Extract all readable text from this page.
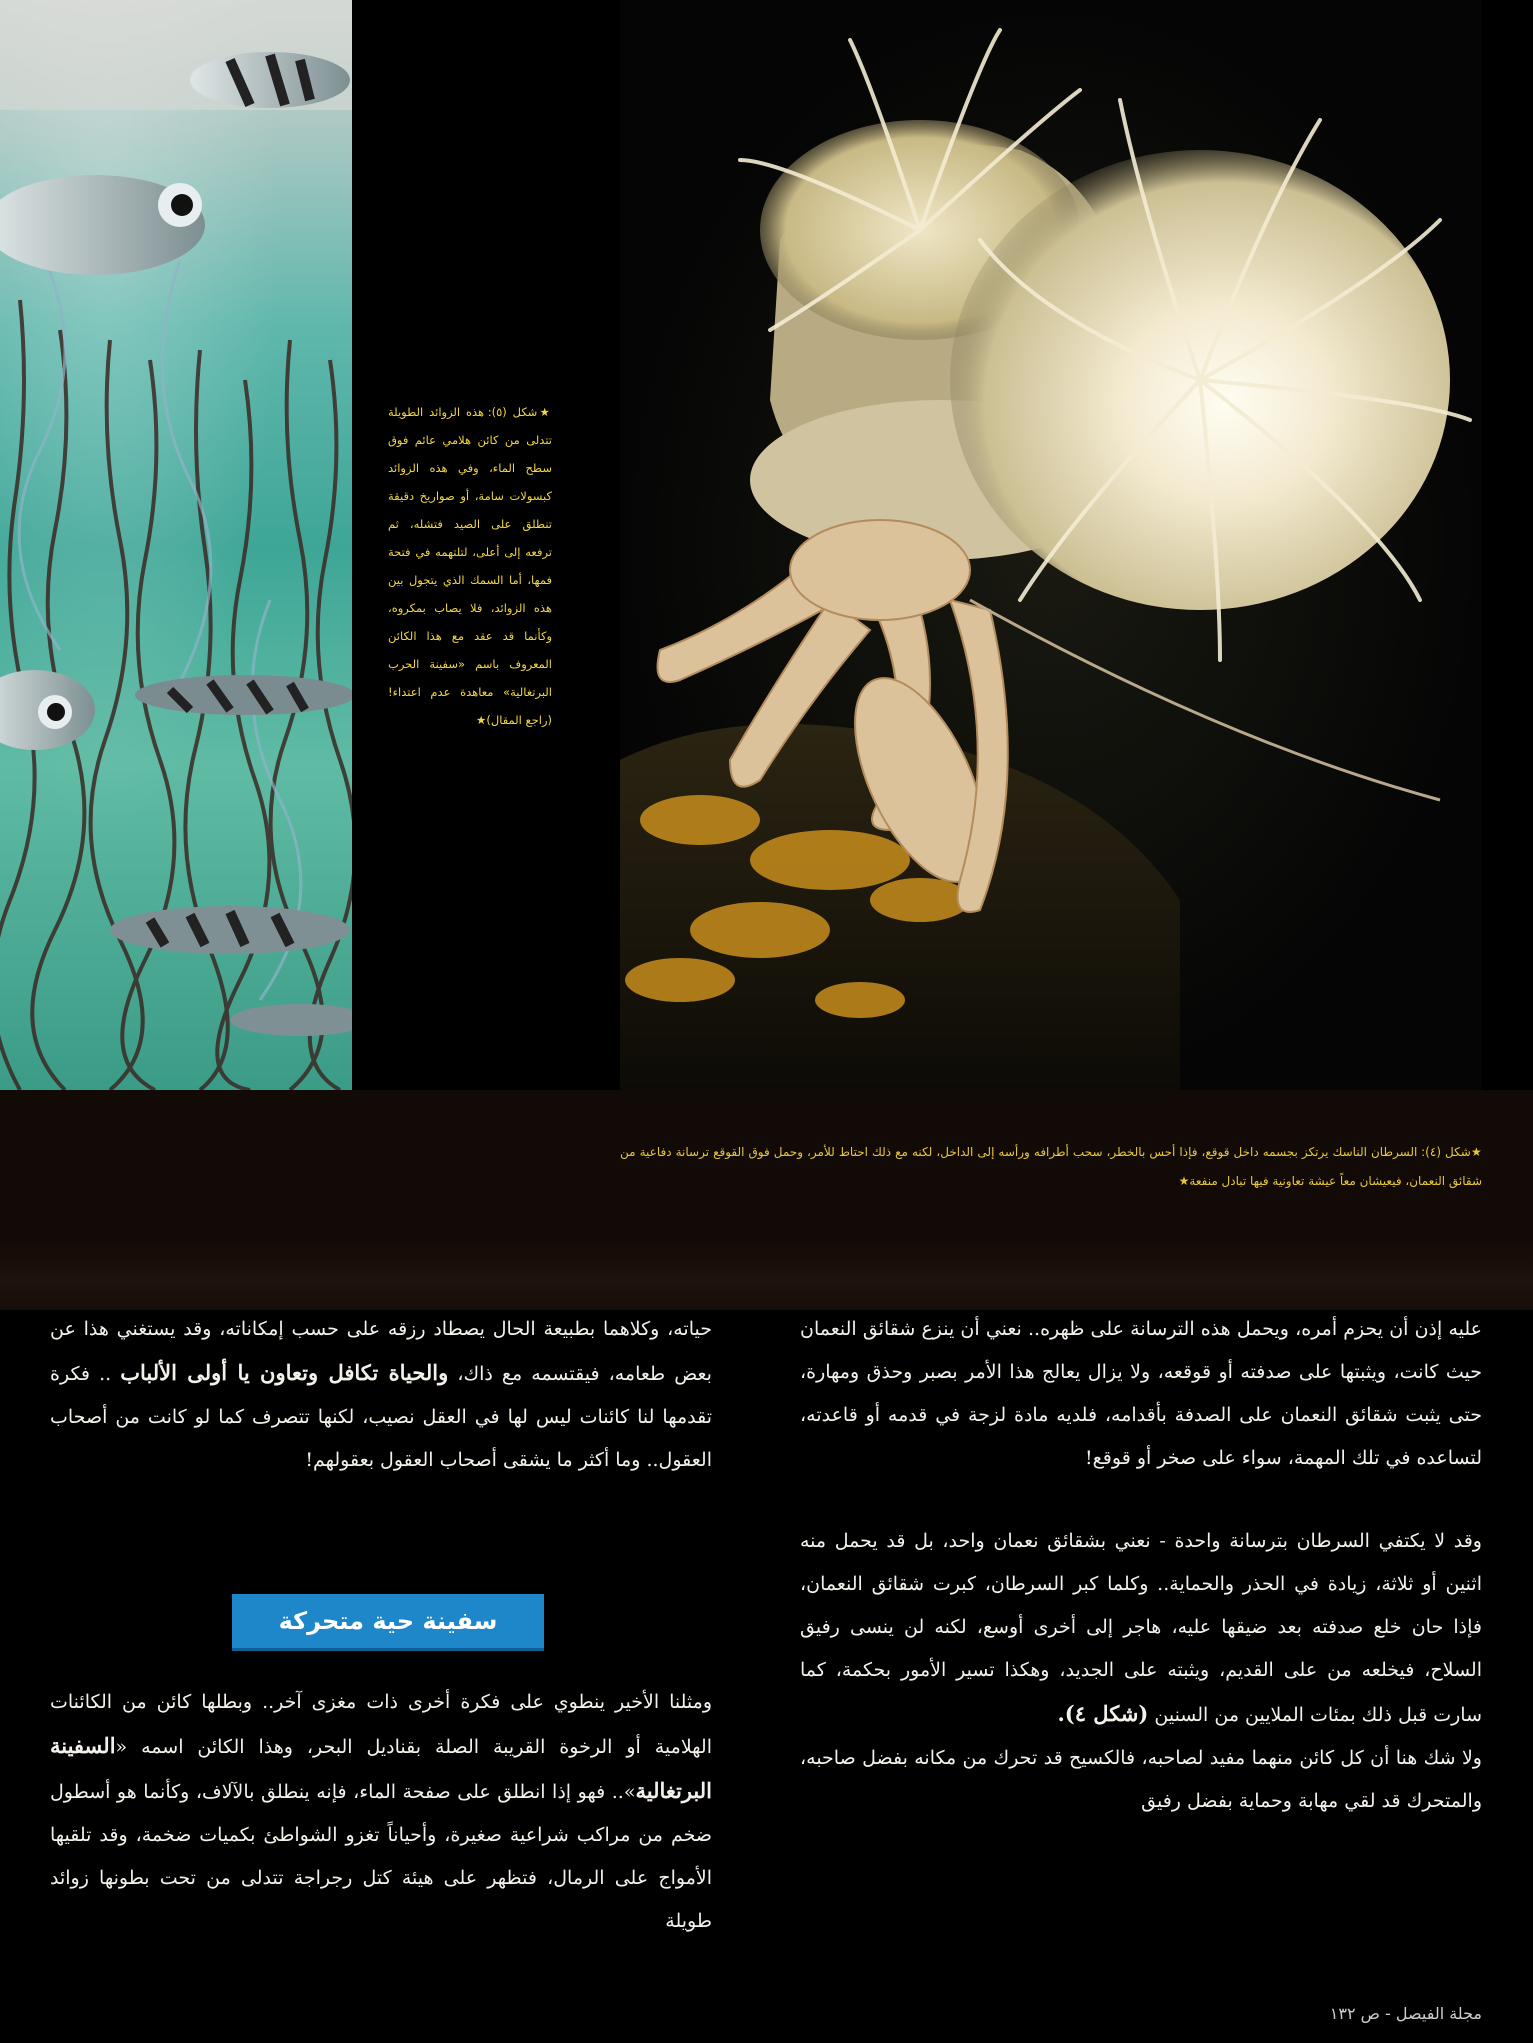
★شكل (٥): هذه الزوائد الطويلة تتدلى من كائن هلامي عائم فوق سطح الماء، وفي هذه الزوائد كبسولات سامة، أو صواريخ دقيقة تنطلق على الصيد فتشله، ثم ترفعه إلى أعلى، لتلتهمه في فتحة فمها، أما السمك الذي يتجول بين هذه الزوائد، فلا يصاب بمكروه، وكأنما قد عقد مع هذا الكائن المعروف باسم «سفينة الحرب البرتغالية» معاهدة عدم اعتداء! (راجع المقال)★
★شكل (٤): السرطان الناسك يرتكز بجسمه داخل قوقع، فإذا أحس بالخطر، سحب أطرافه ورأسه إلى الداخل، لكنه مع ذلك احتاط للأمر، وحمل فوق القوقع ترسانة دفاعية من شقائق النعمان، فيعيشان معاً عيشة تعاونية فيها تبادل منفعة★

عليه إذن أن يحزم أمره، ويحمل هذه الترسانة على ظهره.. نعني أن ينزع شقائق النعمان حيث كانت، ويثبتها على صدفته أو قوقعه، ولا يزال يعالج هذا الأمر بصبر وحذق ومهارة، حتى يثبت شقائق النعمان على الصدفة بأقدامه، فلديه مادة لزجة في قدمه أو قاعدته، لتساعده في تلك المهمة، سواء على صخر أو قوقع!

وقد لا يكتفي السرطان بترسانة واحدة - نعني بشقائق نعمان واحد، بل قد يحمل منه اثنين أو ثلاثة، زيادة في الحذر والحماية.. وكلما كبر السرطان، كبرت شقائق النعمان، فإذا حان خلع صدفته بعد ضيقها عليه، هاجر إلى أخرى أوسع، لكنه لن ينسى رفيق السلاح، فيخلعه من على القديم، ويثبته على الجديد، وهكذا تسير الأمور بحكمة، كما سارت قبل ذلك بمئات الملايين من السنين (شكل ٤).

ولا شك هنا أن كل كائن منهما مفيد لصاحبه، فالكسيح قد تحرك من مكانه بفضل صاحبه، والمتحرك قد لقي مهابة وحماية بفضل رفيق

حياته، وكلاهما بطبيعة الحال يصطاد رزقه على حسب إمكاناته، وقد يستغني هذا عن بعض طعامه، فيقتسمه مع ذاك، والحياة تكافل وتعاون يا أولى الألباب .. فكرة تقدمها لنا كائنات ليس لها في العقل نصيب، لكنها تتصرف كما لو كانت من أصحاب العقول.. وما أكثر ما يشقى أصحاب العقول بعقولهم!

سفينة حية متحركة

ومثلنا الأخير ينطوي على فكرة أخرى ذات مغزى آخر.. وبطلها كائن من الكائنات الهلامية أو الرخوة القريبة الصلة بقناديل البحر، وهذا الكائن اسمه «السفينة البرتغالية».. فهو إذا انطلق على صفحة الماء، فإنه ينطلق بالآلاف، وكأنما هو أسطول ضخم من مراكب شراعية صغيرة، وأحياناً تغزو الشواطئ بكميات ضخمة، وقد تلقيها الأمواج على الرمال، فتظهر على هيئة كتل رجراجة تتدلى من تحت بطونها زوائد طويلة

مجلة الفيصل - ص ١٣٢
